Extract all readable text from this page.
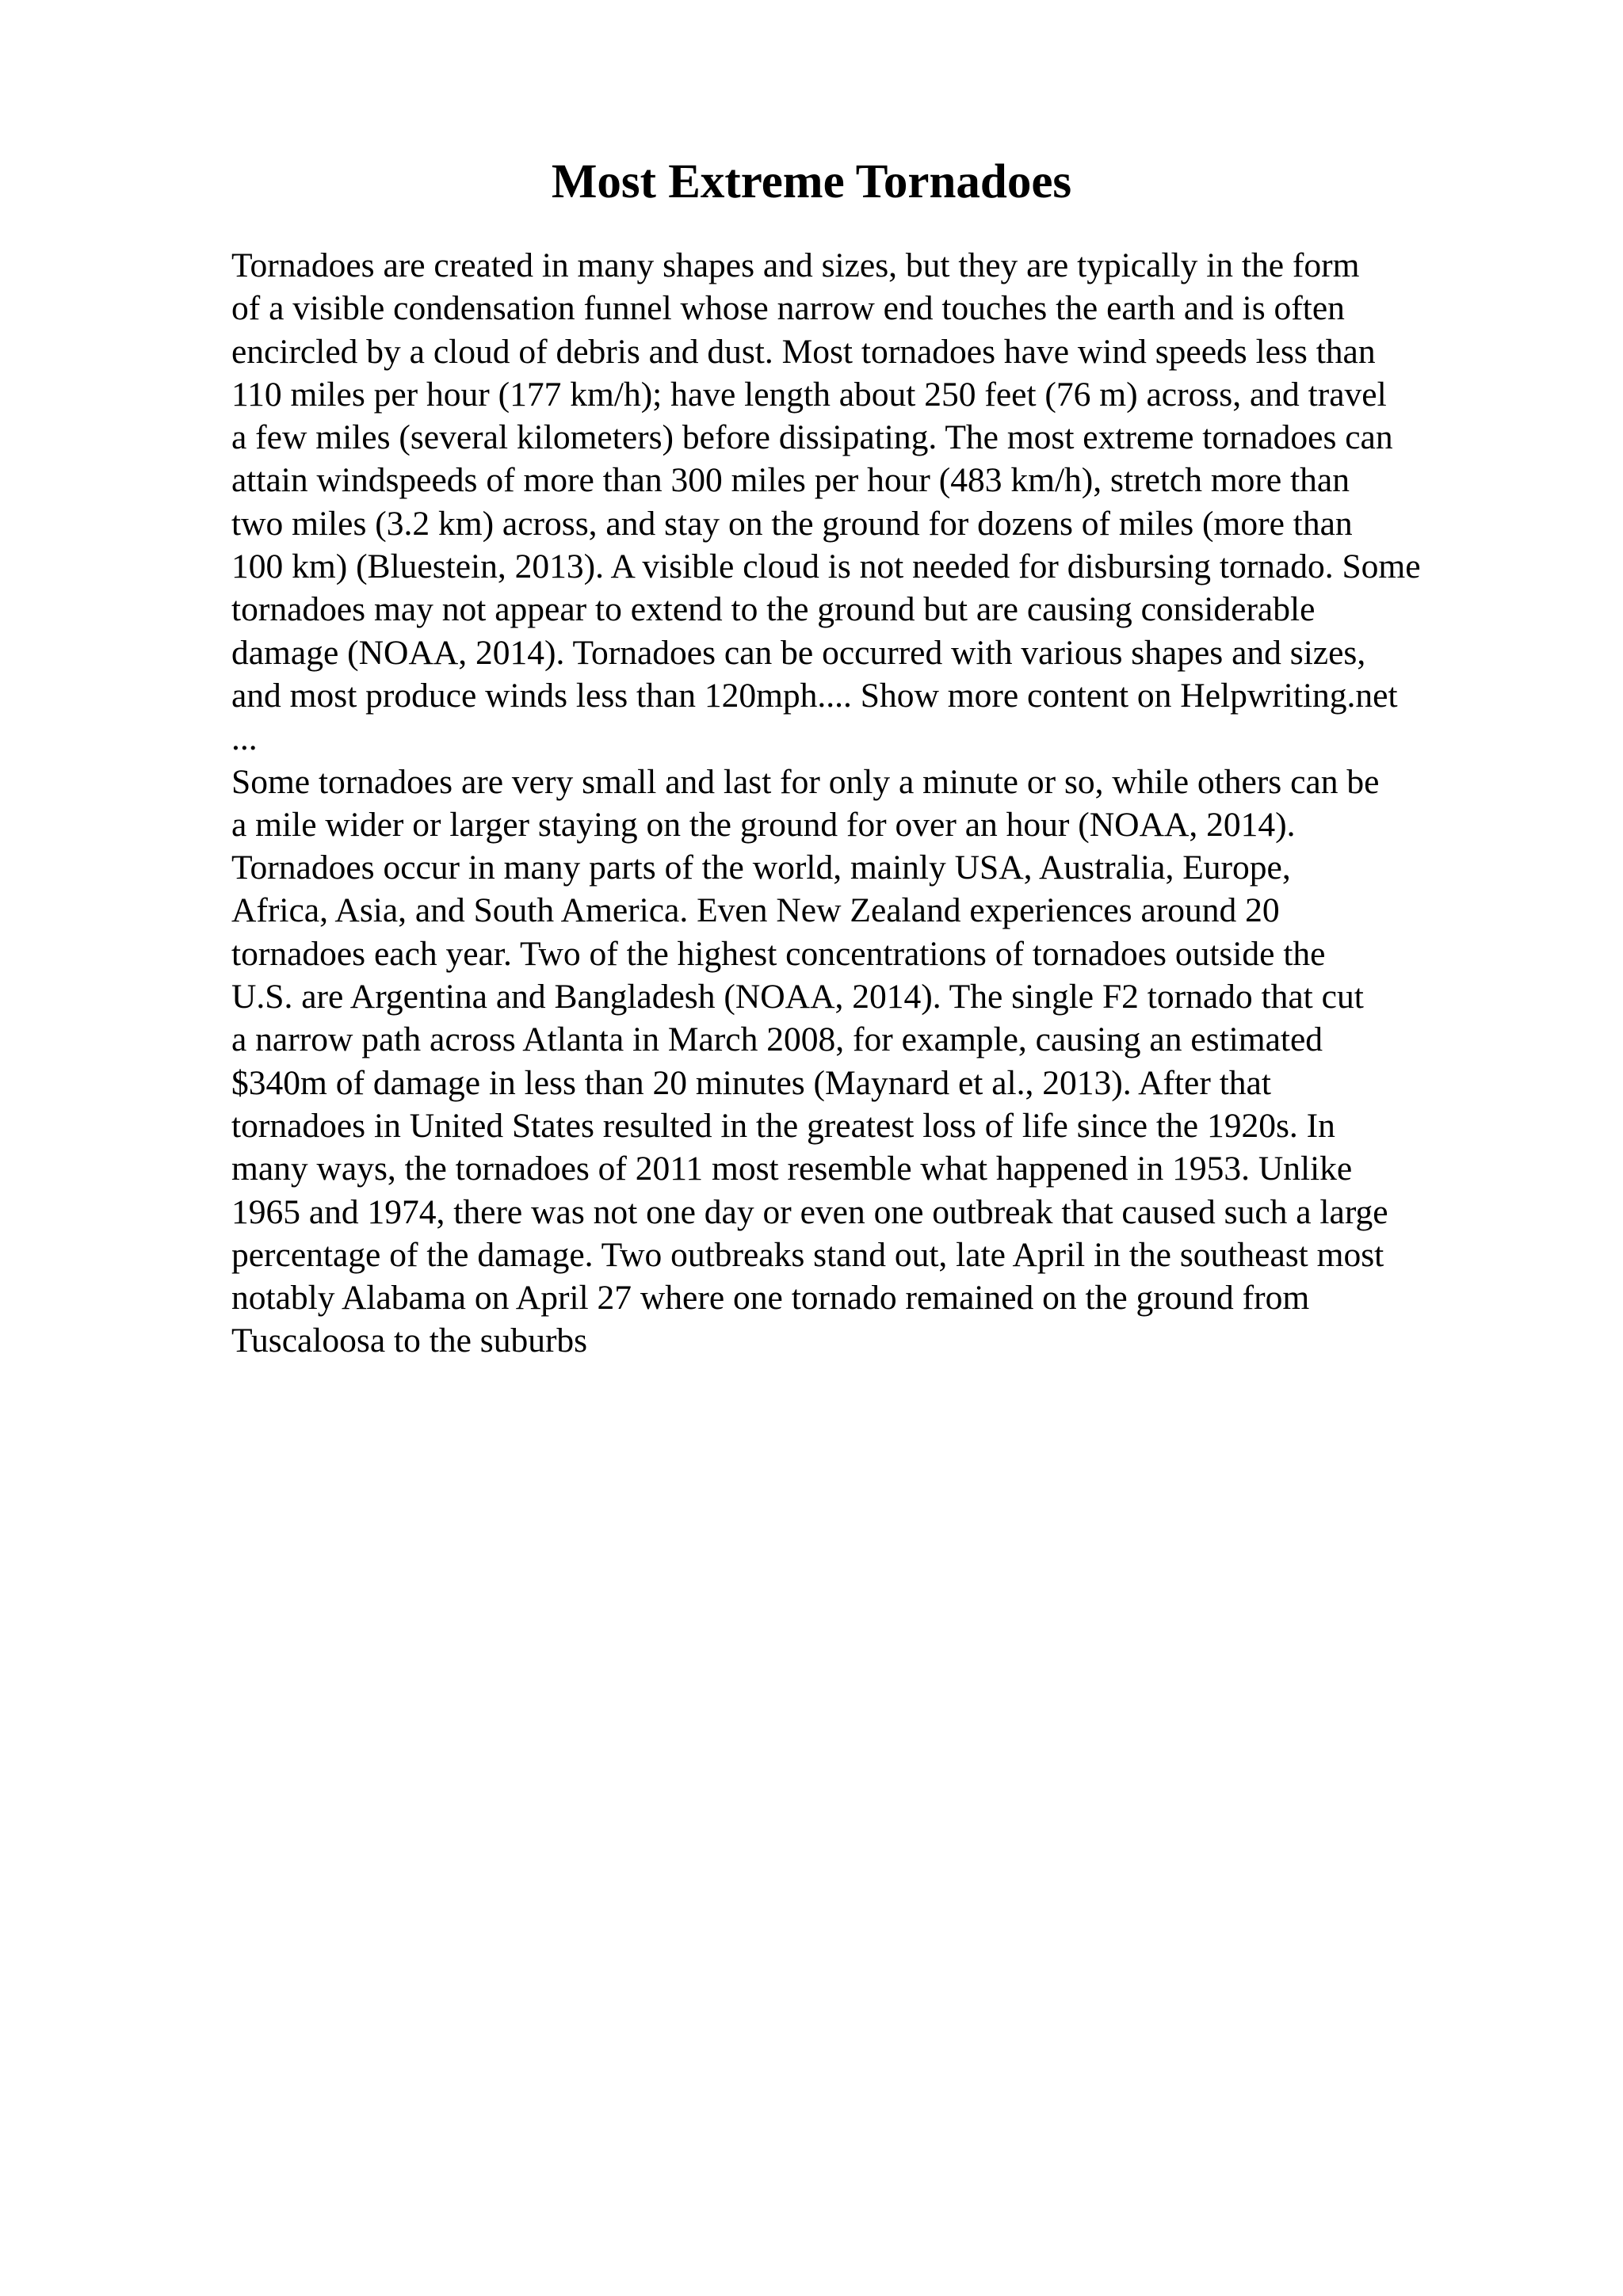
Most Extreme Tornadoes
Tornadoes are created in many shapes and sizes, but they are typically in the form
of a visible condensation funnel whose narrow end touches the earth and is often
encircled by a cloud of debris and dust. Most tornadoes have wind speeds less than
110 miles per hour (177 km/h); have length about 250 feet (76 m) across, and travel
a few miles (several kilometers) before dissipating. The most extreme tornadoes can
attain windspeeds of more than 300 miles per hour (483 km/h), stretch more than
two miles (3.2 km) across, and stay on the ground for dozens of miles (more than
100 km) (Bluestein, 2013). A visible cloud is not needed for disbursing tornado. Some
tornadoes may not appear to extend to the ground but are causing considerable
damage (NOAA, 2014). Tornadoes can be occurred with various shapes and sizes,
and most produce winds less than 120mph.... Show more content on Helpwriting.net
...
Some tornadoes are very small and last for only a minute or so, while others can be
a mile wider or larger staying on the ground for over an hour (NOAA, 2014).
Tornadoes occur in many parts of the world, mainly USA, Australia, Europe,
Africa, Asia, and South America. Even New Zealand experiences around 20
tornadoes each year. Two of the highest concentrations of tornadoes outside the
U.S. are Argentina and Bangladesh (NOAA, 2014). The single F2 tornado that cut
a narrow path across Atlanta in March 2008, for example, causing an estimated
$340m of damage in less than 20 minutes (Maynard et al., 2013). After that
tornadoes in United States resulted in the greatest loss of life since the 1920s. In
many ways, the tornadoes of 2011 most resemble what happened in 1953. Unlike
1965 and 1974, there was not one day or even one outbreak that caused such a large
percentage of the damage. Two outbreaks stand out, late April in the southeast most
notably Alabama on April 27 where one tornado remained on the ground from
Tuscaloosa to the suburbs
